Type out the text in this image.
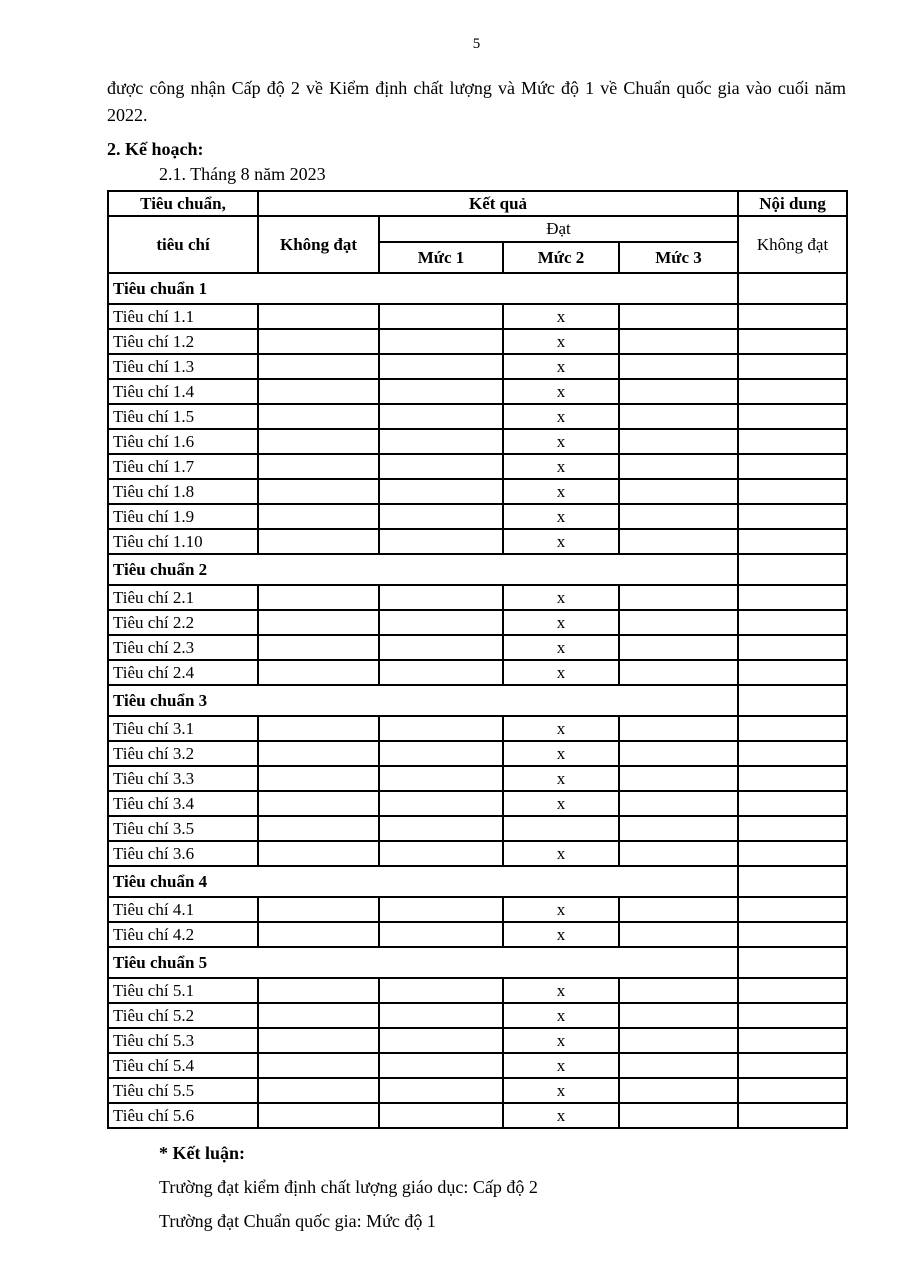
5

được công nhận Cấp độ 2 về Kiểm định chất lượng và Mức độ 1 về Chuẩn quốc gia vào cuối năm 2022.

2. Kế hoạch:
2.1. Tháng 8 năm 2023
Tiêu chuẩn,	Kết quả				Nội dung
tiêu chí	Không đạt	Đạt			Không đạt
		Mức 1	Mức 2	Mức 3	
Tiêu chuẩn 1					
Tiêu chí 1.1			x		
Tiêu chí 1.2			x		
Tiêu chí 1.3			x		
Tiêu chí 1.4			x		
Tiêu chí 1.5			x		
Tiêu chí 1.6			x		
Tiêu chí 1.7			x		
Tiêu chí 1.8			x		
Tiêu chí 1.9			x		
Tiêu chí 1.10			x		
Tiêu chuẩn 2					
Tiêu chí 2.1			x		
Tiêu chí 2.2			x		
Tiêu chí 2.3			x		
Tiêu chí 2.4			x		
Tiêu chuẩn 3					
Tiêu chí 3.1			x		
Tiêu chí 3.2			x		
Tiêu chí 3.3			x		
Tiêu chí 3.4			x		
Tiêu chí 3.5					
Tiêu chí 3.6			x		
Tiêu chuẩn 4					
Tiêu chí 4.1			x		
Tiêu chí 4.2			x		
Tiêu chuẩn 5					
Tiêu chí 5.1			x		
Tiêu chí 5.2			x		
Tiêu chí 5.3			x		
Tiêu chí 5.4			x		
Tiêu chí 5.5			x		
Tiêu chí 5.6			x		
* Kết luận:
Trường đạt kiểm định chất lượng giáo dục: Cấp độ 2
Trường đạt Chuẩn quốc gia: Mức độ 1
